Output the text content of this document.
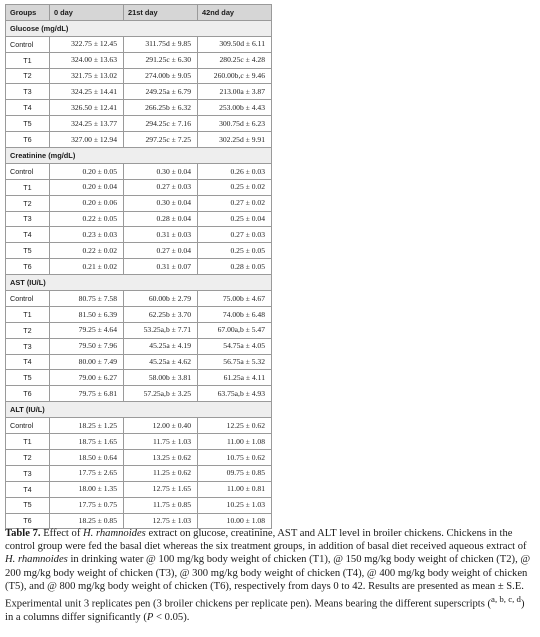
Groups	0 day	21st day	42nd day
Glucose (mg/dL)			
Control	322.75 ± 12.45	311.75d ± 9.85	309.50d ± 6.11
T1	324.00 ± 13.63	291.25c ± 6.30	280.25c ± 4.28
T2	321.75 ± 13.02	274.00b ± 9.05	260.00b,c ± 9.46
T3	324.25 ± 14.41	249.25a ± 6.79	213.00a ± 3.87
T4	326.50 ± 12.41	266.25b ± 6.32	253.00b ± 4.43
T5	324.25 ± 13.77	294.25c ± 7.16	300.75d ± 6.23
T6	327.00 ± 12.94	297.25c ± 7.25	302.25d ± 9.91
Creatinine (mg/dL)			
Control	0.20 ± 0.05	0.30 ± 0.04	0.26 ± 0.03
T1	0.20 ± 0.04	0.27 ± 0.03	0.25 ± 0.02
T2	0.20 ± 0.06	0.30 ± 0.04	0.27 ± 0.02
T3	0.22 ± 0.05	0.28 ± 0.04	0.25 ± 0.04
T4	0.23 ± 0.03	0.31 ± 0.03	0.27 ± 0.03
T5	0.22 ± 0.02	0.27 ± 0.04	0.25 ± 0.05
T6	0.21 ± 0.02	0.31 ± 0.07	0.28 ± 0.05
AST (IU/L)			
Control	80.75 ± 7.58	60.00b ± 2.79	75.00b ± 4.67
T1	81.50 ± 6.39	62.25b ± 3.70	74.00b ± 6.48
T2	79.25 ± 4.64	53.25a,b ± 7.71	67.00a,b ± 5.47
T3	79.50 ± 7.96	45.25a ± 4.19	54.75a ± 4.05
T4	80.00 ± 7.49	45.25a ± 4.62	56.75a ± 5.32
T5	79.00 ± 6.27	58.00b ± 3.81	61.25a ± 4.11
T6	79.75 ± 6.81	57.25a,b ± 3.25	63.75a,b ± 4.93
ALT (IU/L)			
Control	18.25 ± 1.25	12.00 ± 0.40	12.25 ± 0.62
T1	18.75 ± 1.65	11.75 ± 1.03	11.00 ± 1.08
T2	18.50 ± 0.64	13.25 ± 0.62	10.75 ± 0.62
T3	17.75 ± 2.65	11.25 ± 0.62	09.75 ± 0.85
T4	18.00 ± 1.35	12.75 ± 1.65	11.00 ± 0.81
T5	17.75 ± 0.75	11.75 ± 0.85	10.25 ± 1.03
T6	18.25 ± 0.85	12.75 ± 1.03	10.00 ± 1.08
Table 7. Effect of H. rhamnoides extract on glucose, creatinine, AST and ALT level in broiler chickens. Chickens in the control group were fed the basal diet whereas the six treatment groups, in addition of basal diet received aqueous extract of H. rhamnoides in drinking water @ 100 mg/kg body weight of chicken (T1), @ 150 mg/kg body weight of chicken (T2), @ 200 mg/kg body weight of chicken (T3), @ 300 mg/kg body weight of chicken (T4), @ 400 mg/kg body weight of chicken (T5), and @ 800 mg/kg body weight of chicken (T6), respectively from days 0 to 42. Results are presented as mean ± S.E. Experimental unit 3 replicates pen (3 broiler chickens per replicate pen). Means bearing the different superscripts ($^{a, b, c, d}$) in a columns differ significantly (P < 0.05).
